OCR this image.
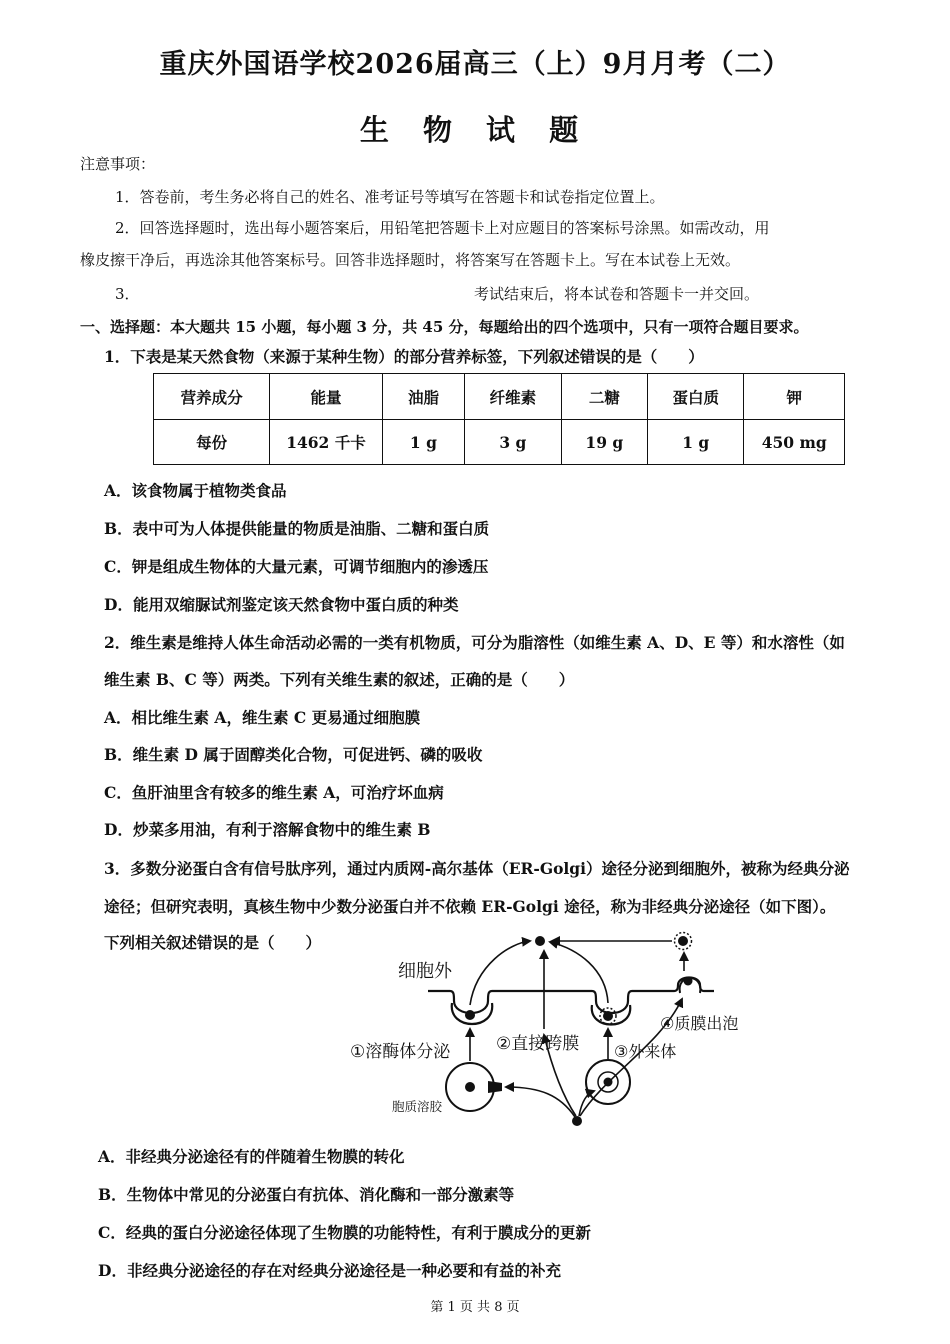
重庆外国语学校2026届高三（上）9月月考（二）
生 物 试 题
注意事项：
1．答卷前，考生务必将自己的姓名、准考证号等填写在答题卡和试卷指定位置上。
2．回答选择题时，选出每小题答案后，用铅笔把答题卡上对应题目的答案标号涂黑。如需改动，用
橡皮擦干净后，再选涂其他答案标号。回答非选择题时，将答案写在答题卡上。写在本试卷上无效。
3．	考试结束后，将本试卷和答题卡一并交回。
一、选择题：本大题共 15 小题，每小题 3 分，共 45 分，每题给出的四个选项中，只有一项符合题目要求。
1．下表是某天然食物（来源于某种生物）的部分营养标签，下列叙述错误的是（　　）
营养成分	能量	油脂	纤维素	二糖	蛋白质	钾
每份	1462 千卡	1 g	3 g	19 g	1 g	450 mg
A．该食物属于植物类食品
B．表中可为人体提供能量的物质是油脂、二糖和蛋白质
C．钾是组成生物体的大量元素，可调节细胞内的渗透压
D．能用双缩脲试剂鉴定该天然食物中蛋白质的种类
2．维生素是维持人体生命活动必需的一类有机物质，可分为脂溶性（如维生素 A、D、E 等）和水溶性（如
维生素 B、C 等）两类。下列有关维生素的叙述，正确的是（　　）
A．相比维生素 A，维生素 C 更易通过细胞膜
B．维生素 D 属于固醇类化合物，可促进钙、磷的吸收
C．鱼肝油里含有较多的维生素 A，可治疗坏血病
D．炒菜多用油，有利于溶解食物中的维生素 B
3．多数分泌蛋白含有信号肽序列，通过内质网-高尔基体（ER-Golgi）途径分泌到细胞外，被称为经典分泌
途径；但研究表明，真核生物中少数分泌蛋白并不依赖 ER-Golgi 途径，称为非经典分泌途径（如下图）。
下列相关叙述错误的是（　　）
细胞外
①溶酶体分泌	②直接跨膜 ③外来体
④质膜出泡
胞质溶胶
A．非经典分泌途径有的伴随着生物膜的转化
B．生物体中常见的分泌蛋白有抗体、消化酶和一部分激素等
C．经典的蛋白分泌途径体现了生物膜的功能特性，有利于膜成分的更新
D．非经典分泌途径的存在对经典分泌途径是一种必要和有益的补充
第 1 页 共 8 页
